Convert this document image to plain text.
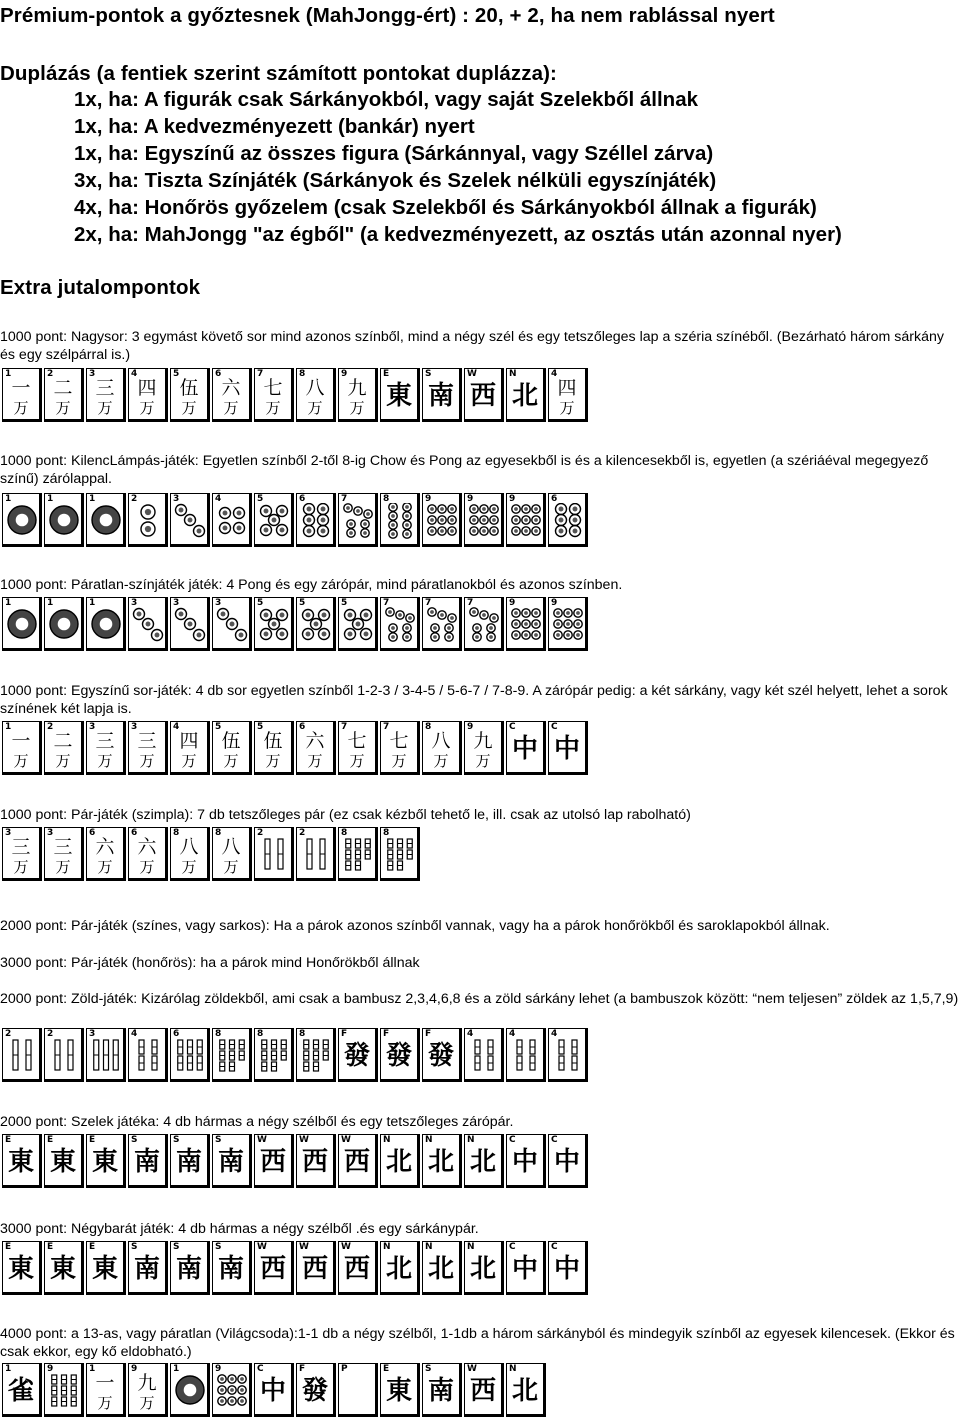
Prémium-pontok a győztesnek (MahJongg-ért) : 20, + 2, ha nem rablással nyert
Duplázás (a fentiek szerint számított pontokat duplázza):
1x, ha: A figurák csak Sárkányokból, vagy saját Szelekből állnak
1x, ha: A kedvezményezett (bankár) nyert
1x, ha: Egyszínű az összes figura (Sárkánnyal, vagy Széllel zárva)
3x, ha: Tiszta Színjáték (Sárkányok és Szelek nélküli egyszínjáték)
4x, ha: Honőrös győzelem (csak Szelekből és Sárkányokból állnak a figurák)
2x, ha: MahJongg "az égből" (a kedvezményezett, az osztás után azonnal nyer)
Extra jutalompontok
1000 pont: Nagysor: 3 egymást követő sor mind azonos színből, mind a négy szél és egy tetszőleges lap a széria színéből. (Bezárható három sárkány és egy szélpárral is.)
1
一
万
2
二
万
3
三
万
4
四
万
5
伍
万
6
六
万
7
七
万
8
八
万
9
九
万
E
東
S
南
W
西
N
北
4
四
万
1000 pont: KilencLámpás-játék: Egyetlen színből 2-től 8-ig Chow és Pong az egyesekből is és a kilencesekből is, egyetlen (a szériáéval megegyező színű) zárólappal.
1	1	1	2	3	4	5	6	7	8	9	9	9	6
1000 pont: Páratlan-színjáték játék: 4 Pong és egy zárópár, mind páratlanokból és azonos színben.
1	1	1	3	3	3	5	5	5	7	7	7	9	9
1000 pont: Egyszínű sor-játék: 4 db sor egyetlen színből 1-2-3 / 3-4-5 / 5-6-7 / 7-8-9. A zárópár pedig: a két sárkány, vagy két szél helyett, lehet a sorok színének két lapja is.
1
一
万
2
二
万
3
三
万
3
三
万
4
四
万
5
伍
万
5
伍
万
6
六
万
7
七
万
7
七
万
8
八
万
9
九
万
C
中
C
中
1000 pont: Pár-játék (szimpla): 7 db tetszőleges pár (ez csak kézből tehető le, ill. csak az utolsó lap rabolható)
3
三
万
3
三
万
6
六
万
6
六
万
8
八
万
8
八
万
2	2	8	8
2000 pont: Pár-játék (színes, vagy sarkos): Ha a párok azonos színből vannak, vagy ha a párok honőrökből és saroklapokból állnak.
3000 pont: Pár-játék (honőrös): ha a párok mind Honőrökből állnak
2000 pont: Zöld-játék: Kizárólag zöldekből, ami csak a bambusz 2,3,4,6,8 és a zöld sárkány lehet (a bambuszok között: “nem teljesen” zöldek az 1,5,7,9)
2	2	3	4	6	8	8	8	F
發
F
發
F
發
4	4	4
2000 pont: Szelek játéka: 4 db hármas a négy szélből és egy tetszőleges zárópár.
E
東
E
東
E
東
S
南
S
南
S
南
W
西
W
西
W
西
N
北
N
北
N
北
C
中
C
中
3000 pont: Négybarát játék: 4 db hármas a négy szélből .és egy sárkánypár.
E
東
E
東
E
東
S
南
S
南
S
南
W
西
W
西
W
西
N
北
N
北
N
北
C
中
C
中
4000 pont: a 13-as, vagy páratlan (Világcsoda):1-1 db a négy szélből, 1-1db a három sárkányból és mindegyik színből az egyesek kilencesek. (Ekkor és csak ekkor, egy kő eldobható.)
1
雀
9	1
一
万
9
九
万
1	9	C
中
F
發
P	E
東
S
南
W
西
N
北
